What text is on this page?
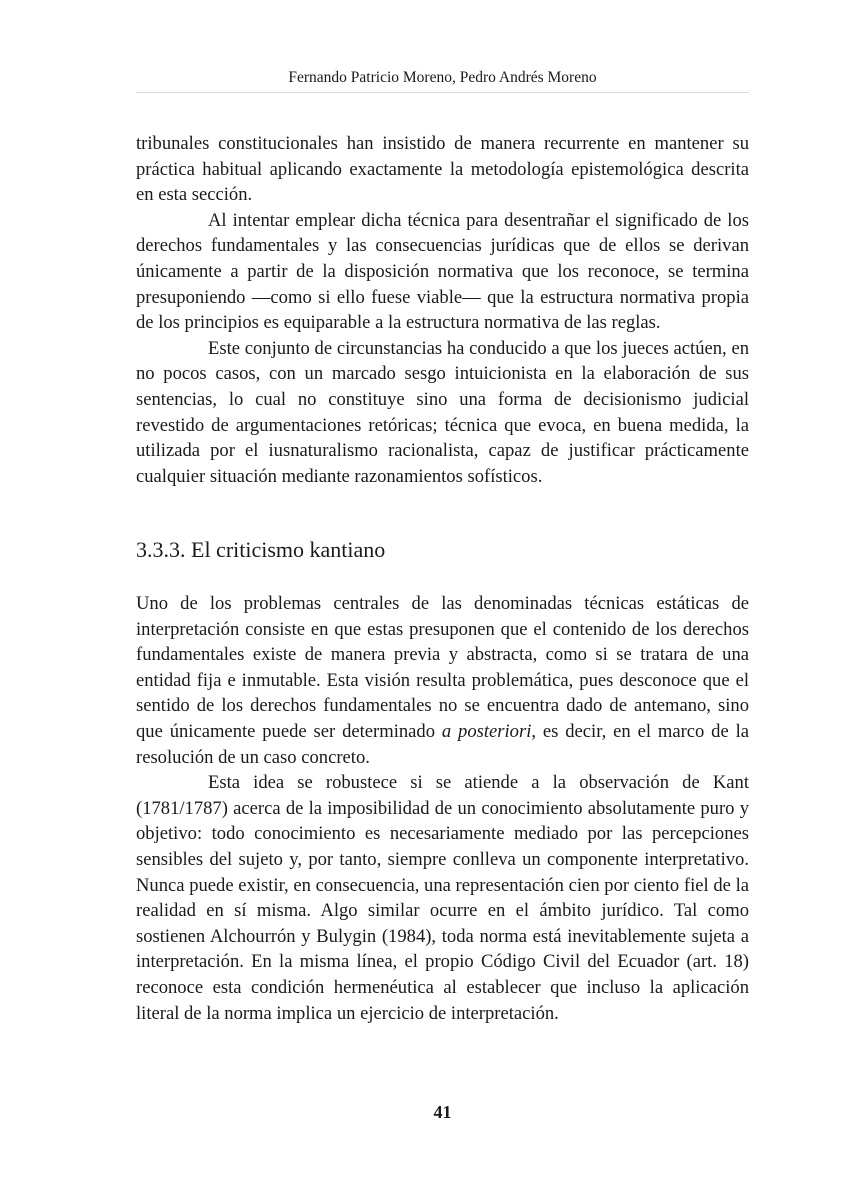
Fernando Patricio Moreno, Pedro Andrés Moreno

tribunales constitucionales han insistido de manera recurrente en mantener su práctica habitual aplicando exactamente la metodología epistemológica descrita en esta sección.

Al intentar emplear dicha técnica para desentrañar el significado de los derechos fundamentales y las consecuencias jurídicas que de ellos se derivan únicamente a partir de la disposición normativa que los reconoce, se termina presuponiendo —como si ello fuese viable— que la estructura normativa propia de los principios es equiparable a la estructura normativa de las reglas.

Este conjunto de circunstancias ha conducido a que los jueces actúen, en no pocos casos, con un marcado sesgo intuicionista en la elaboración de sus sentencias, lo cual no constituye sino una forma de decisionismo judicial revestido de argumentaciones retóricas; técnica que evoca, en buena medida, la utilizada por el iusnaturalismo racionalista, capaz de justificar prácticamente cualquier situación mediante razonamientos sofísticos.

3.3.3. El criticismo kantiano

Uno de los problemas centrales de las denominadas técnicas estáticas de interpretación consiste en que estas presuponen que el contenido de los derechos fundamentales existe de manera previa y abstracta, como si se tratara de una entidad fija e inmutable. Esta visión resulta problemática, pues desconoce que el sentido de los derechos fundamentales no se encuentra dado de antemano, sino que únicamente puede ser determinado a posteriori, es decir, en el marco de la resolución de un caso concreto.

Esta idea se robustece si se atiende a la observación de Kant (1781/1787) acerca de la imposibilidad de un conocimiento absolutamente puro y objetivo: todo conocimiento es necesariamente mediado por las percepciones sensibles del sujeto y, por tanto, siempre conlleva un componente interpretativo. Nunca puede existir, en consecuencia, una representación cien por ciento fiel de la realidad en sí misma. Algo similar ocurre en el ámbito jurídico. Tal como sostienen Alchourrón y Bulygin (1984), toda norma está inevitablemente sujeta a interpretación. En la misma línea, el propio Código Civil del Ecuador (art. 18) reconoce esta condición hermenéutica al establecer que incluso la aplicación literal de la norma implica un ejercicio de interpretación.

41
